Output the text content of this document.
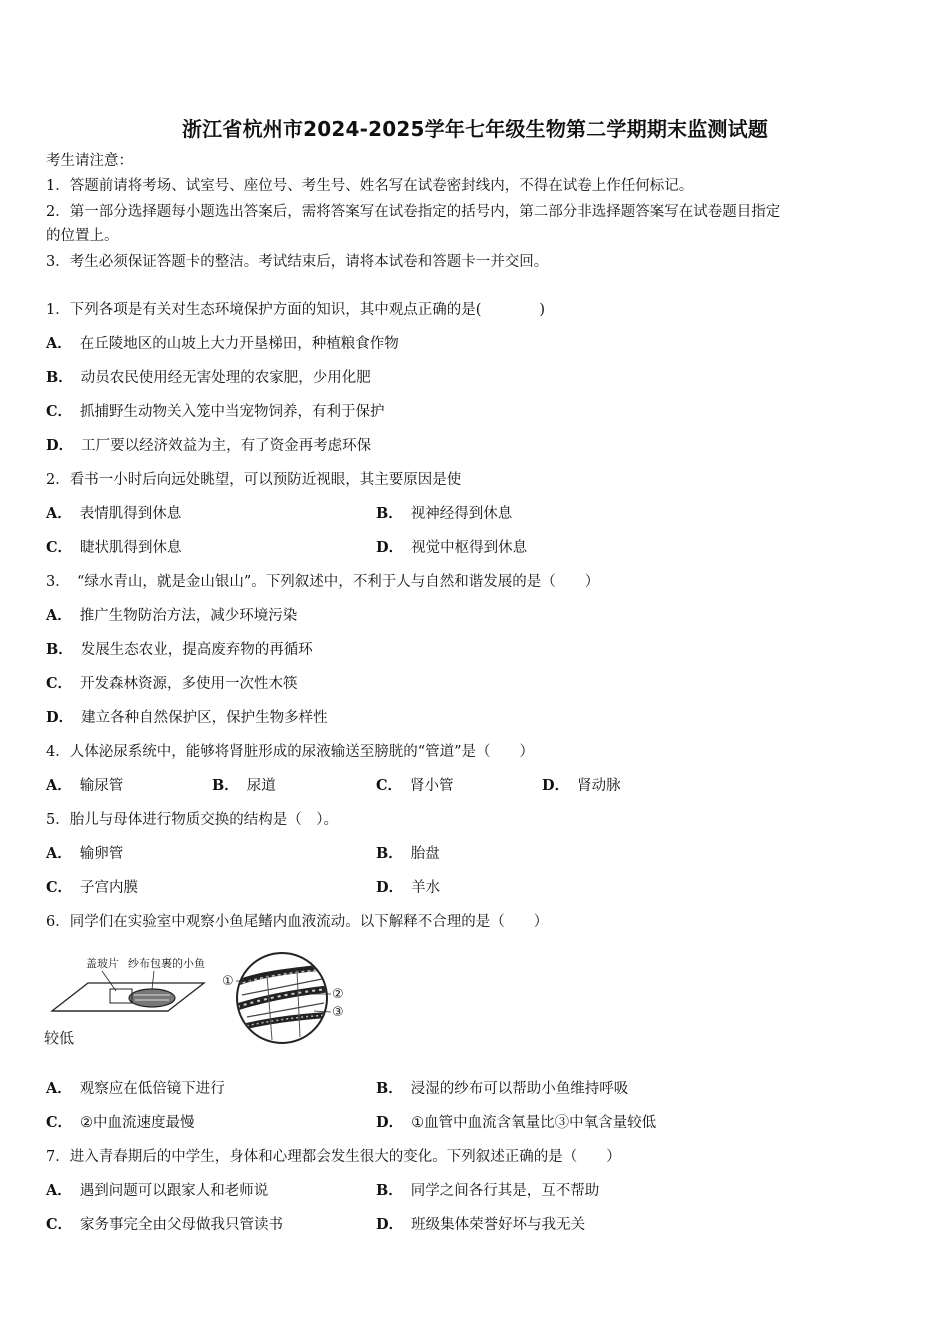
浙江省杭州市2024-2025学年七年级生物第二学期期末监测试题
考生请注意：
1．答题前请将考场、试室号、座位号、考生号、姓名写在试卷密封线内，不得在试卷上作任何标记。
2．第一部分选择题每小题选出答案后，需将答案写在试卷指定的括号内，第二部分非选择题答案写在试卷题目指定
的位置上。
3．考生必须保证答题卡的整洁。考试结束后，请将本试卷和答题卡一并交回。
1．下列各项是有关对生态环境保护方面的知识，其中观点正确的是(　　　　)
A． 在丘陵地区的山坡上大力开垦梯田，种植粮食作物
B． 动员农民使用经无害处理的农家肥，少用化肥
C． 抓捕野生动物关入笼中当宠物饲养，有利于保护
D． 工厂要以经济效益为主，有了资金再考虑环保
2．看书一小时后向远处眺望，可以预防近视眼，其主要原因是使
A． 表情肌得到休息	B． 视神经得到休息
C． 睫状肌得到休息	D． 视觉中枢得到休息
3．　“绿水青山，就是金山银山”。下列叙述中，不利于人与自然和谐发展的是（　　）
A． 推广生物防治方法，减少环境污染
B． 发展生态农业，提高废弃物的再循环
C． 开发森林资源，多使用一次性木筷
D． 建立各种自然保护区，保护生物多样性
4．人体泌尿系统中，能够将肾脏形成的尿液输送至膀胱的“管道”是（　　）
A． 输尿管	B． 尿道	C． 肾小管	D． 肾动脉
5．胎儿与母体进行物质交换的结构是（　）。
A． 输卵管	B． 胎盘
C． 子宫内膜	D． 羊水
6．同学们在实验室中观察小鱼尾鳍内血液流动。以下解释不合理的是（　　）
盖玻片 纱布包裹的小鱼
较低
①
②
③
A． 观察应在低倍镜下进行	B． 浸湿的纱布可以帮助小鱼维持呼吸
C． ②中血流速度最慢	D． ①血管中血流含氧量比③中氧含量较低
7．进入青春期后的中学生，身体和心理都会发生很大的变化。下列叙述正确的是（　　）
A． 遇到问题可以跟家人和老师说	B． 同学之间各行其是，互不帮助
C． 家务事完全由父母做我只管读书	D． 班级集体荣誉好坏与我无关
